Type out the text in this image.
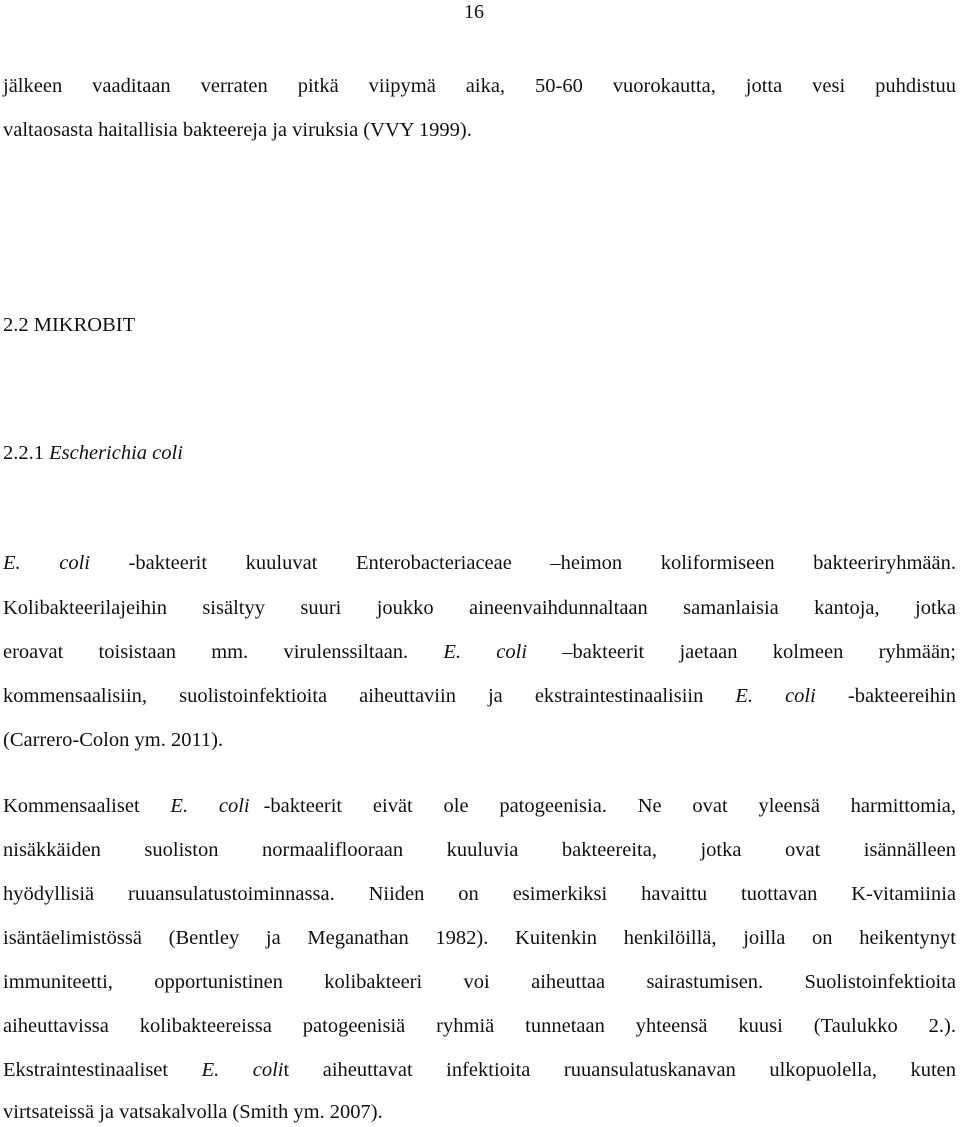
16
jälkeen vaaditaan verraten pitkä viipymä aika, 50-60 vuorokautta, jotta vesi puhdistuu
valtaosasta haitallisia bakteereja ja viruksia (VVY 1999).
2.2 MIKROBIT
2.2.1 Escherichia coli
E. coli -bakteerit kuuluvat Enterobacteriaceae –heimon koliformiseen bakteeriryhmään.
Kolibakteerilajeihin sisältyy suuri joukko aineenvaihdunnaltaan samanlaisia kantoja, jotka
eroavat toisistaan mm. virulenssiltaan. E. coli –bakteerit jaetaan kolmeen ryhmään;
kommensaalisiin, suolistoinfektioita aiheuttaviin ja ekstraintestinaalisiin E. coli -bakteereihin
(Carrero-Colon ym. 2011).
Kommensaaliset E. coli -bakteerit eivät ole patogeenisia. Ne ovat yleensä harmittomia,
nisäkkäiden suoliston normaaliflooraan kuuluvia bakteereita, jotka ovat isännälleen
hyödyllisiä ruuansulatustoiminnassa. Niiden on esimerkiksi havaittu tuottavan K-vitamiinia
isäntäelimistössä (Bentley ja Meganathan 1982). Kuitenkin henkilöillä, joilla on heikentynyt
immuniteetti, opportunistinen kolibakteeri voi aiheuttaa sairastumisen. Suolistoinfektioita
aiheuttavissa kolibakteereissa patogeenisiä ryhmiä tunnetaan yhteensä kuusi (Taulukko 2.).
Ekstraintestinaaliset E. colit aiheuttavat infektioita ruuansulatuskanavan ulkopuolella, kuten
virtsateissä ja vatsakalvolla (Smith ym. 2007).
